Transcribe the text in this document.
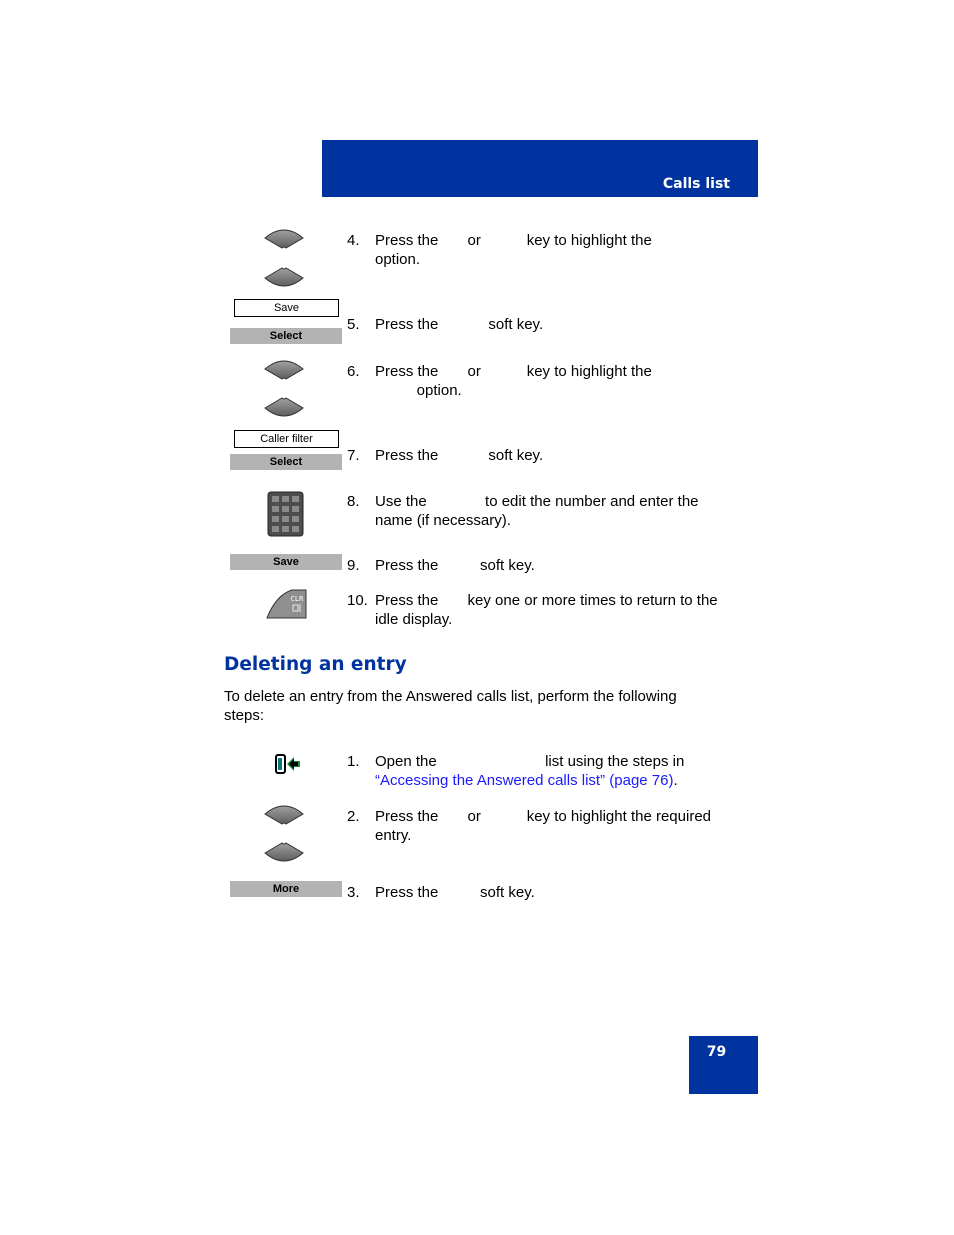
Calls list
4. Press the       or           key to highlight the
option.
Save
Select
5. Press the            soft key.
6. Press the       or           key to highlight the
option.
Caller filter
Select	7. Press the            soft key.
8. Use the              to edit the number and enter the
name (if necessary).
Save	9. Press the          soft key.
CLR	10. Press the       key one or more times to return to the
idle display.
Deleting an entry
To delete an entry from the Answered calls list, perform the following
steps:
1. Open the                          list using the steps in
“Accessing the Answered calls list” (page 76).
2. Press the       or           key to highlight the required
entry.
More	3. Press the          soft key.
79
